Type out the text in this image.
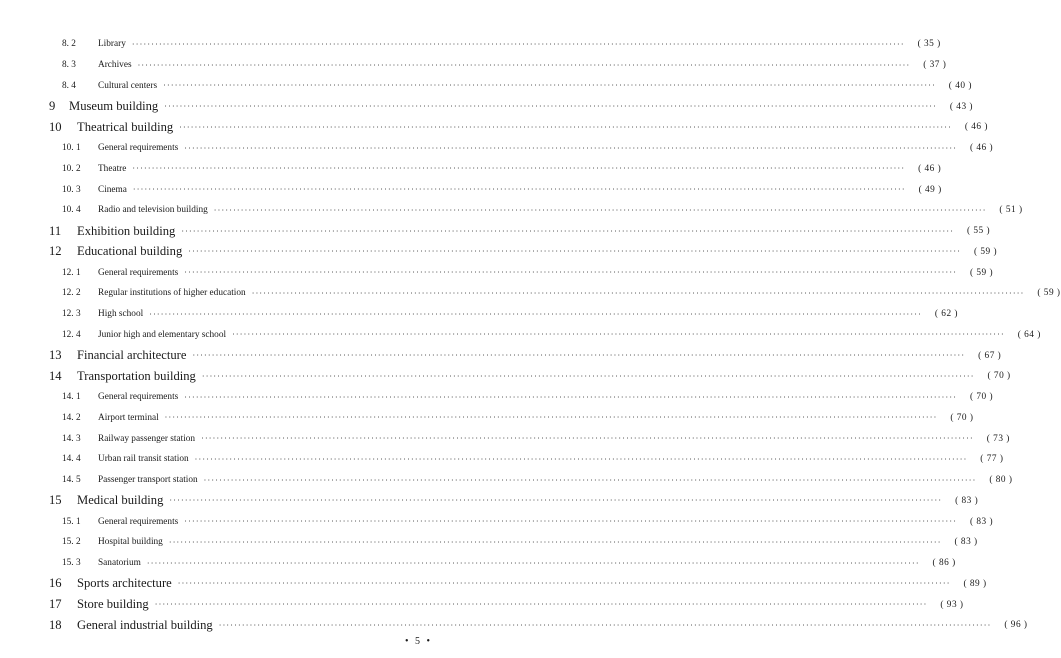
8. 2	Library ········································································································································································································	( 35 )
8. 3	Archives ········································································································································································································	( 37 )
8. 4	Cultural centers ········································································································································································································	( 40 )
9	Museum building ········································································································································································································	( 43 )
10	Theatrical building ········································································································································································································	( 46 )
10. 1	General requirements ········································································································································································································	( 46 )
10. 2	Theatre ········································································································································································································	( 46 )
10. 3	Cinema ········································································································································································································	( 49 )
10. 4	Radio and television building ········································································································································································································	( 51 )
11	Exhibition building ········································································································································································································	( 55 )
12	Educational building ········································································································································································································	( 59 )
12. 1	General requirements ········································································································································································································	( 59 )
12. 2	Regular institutions of higher education ········································································································································································································	( 59 )
12. 3	High school ········································································································································································································	( 62 )
12. 4	Junior high and elementary school ········································································································································································································	( 64 )
13	Financial architecture ········································································································································································································	( 67 )
14	Transportation building ········································································································································································································	( 70 )
14. 1	General requirements ········································································································································································································	( 70 )
14. 2	Airport terminal ········································································································································································································	( 70 )
14. 3	Railway passenger station ········································································································································································································	( 73 )
14. 4	Urban rail transit station ········································································································································································································	( 77 )
14. 5	Passenger transport station ········································································································································································································	( 80 )
15	Medical building ········································································································································································································	( 83 )
15. 1	General requirements ········································································································································································································	( 83 )
15. 2	Hospital building ········································································································································································································	( 83 )
15. 3	Sanatorium ········································································································································································································	( 86 )
16	Sports architecture ········································································································································································································	( 89 )
17	Store building ········································································································································································································	( 93 )
18	General industrial building ········································································································································································································	( 96 )
• 5 •
